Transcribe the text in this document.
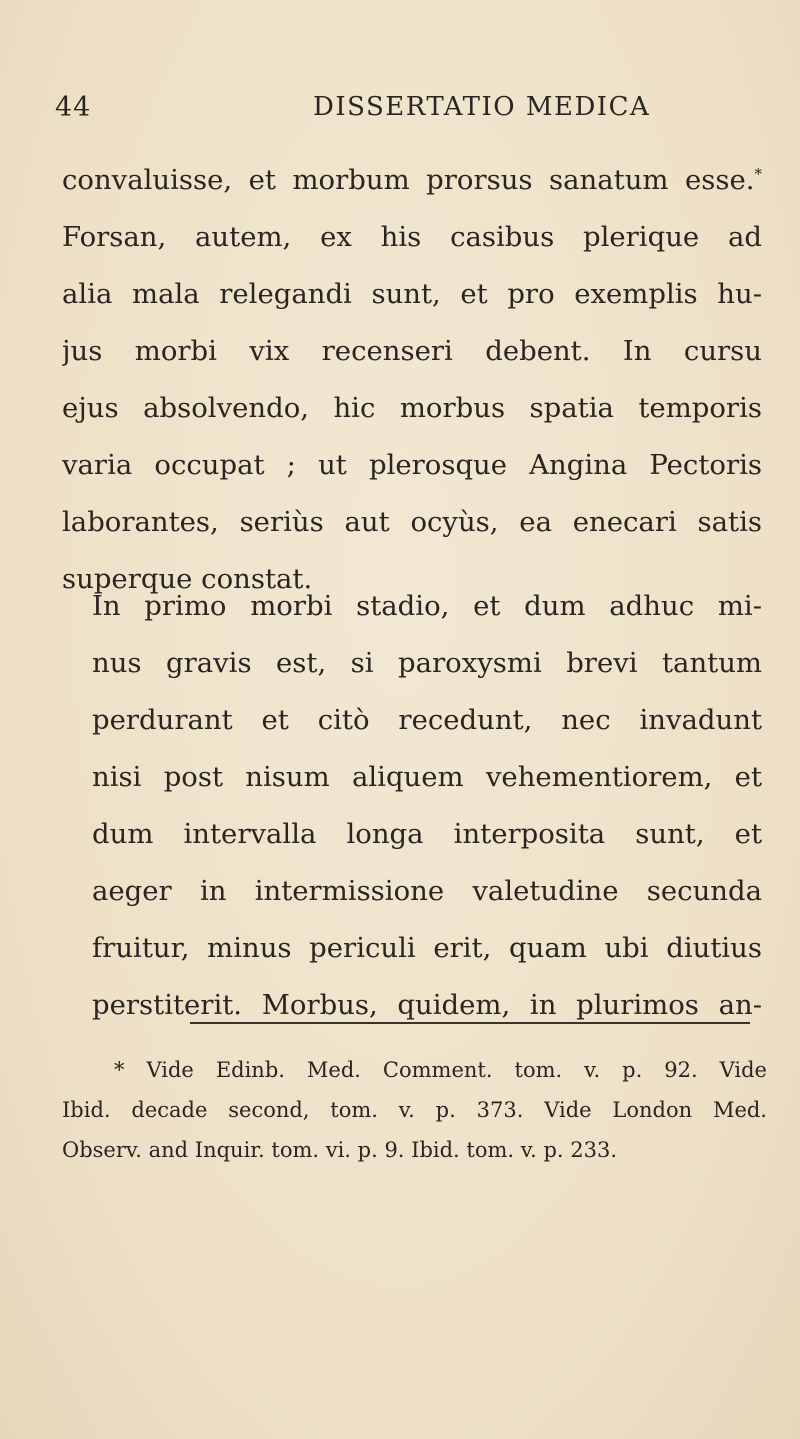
44	DISSERTATIO MEDICA
convaluisse, et morbum prorsus sanatum esse.*
Forsan, autem, ex his casibus plerique ad
alia mala relegandi sunt, et pro exemplis hu-
jus morbi vix recenseri debent. In cursu
ejus absolvendo, hic morbus spatia temporis
varia occupat ; ut plerosque Angina Pectoris
laborantes, seriùs aut ocyùs, ea enecari satis
superque constat.
In primo morbi stadio, et dum adhuc mi-
nus gravis est, si paroxysmi brevi tantum
perdurant et citò recedunt, nec invadunt
nisi post nisum aliquem vehementiorem, et
dum intervalla longa interposita sunt, et
aeger in intermissione valetudine secunda
fruitur, minus periculi erit, quam ubi diutius
perstiterit. Morbus, quidem, in plurimos an-
* Vide Edinb. Med. Comment. tom. v. p. 92. Vide
Ibid. decade second, tom. v. p. 373. Vide London Med.
Observ. and Inquir. tom. vi. p. 9. Ibid. tom. v. p. 233.
